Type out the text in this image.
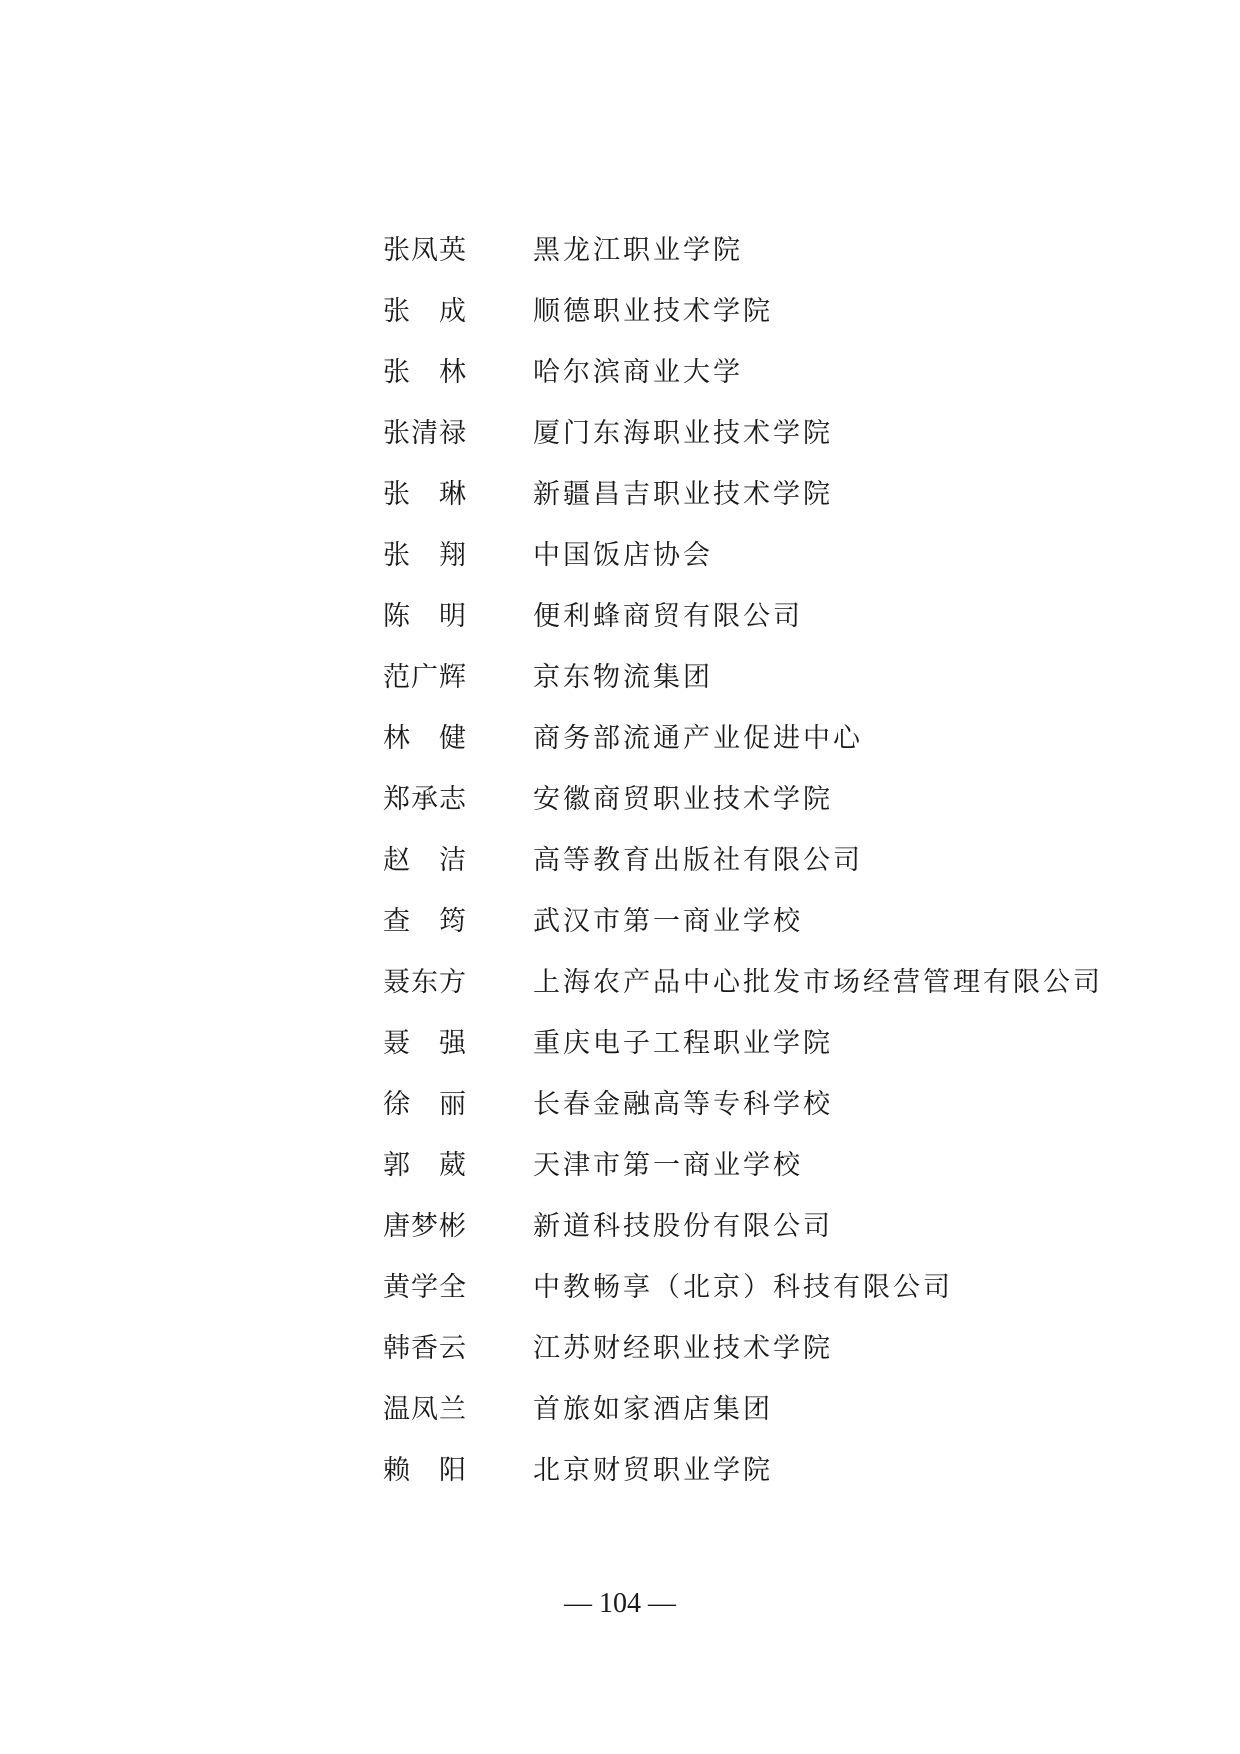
张凤英	黑龙江职业学院
张　成	顺德职业技术学院
张　林	哈尔滨商业大学
张清禄	厦门东海职业技术学院
张　琳	新疆昌吉职业技术学院
张　翔	中国饭店协会
陈　明	便利蜂商贸有限公司
范广辉	京东物流集团
林　健	商务部流通产业促进中心
郑承志	安徽商贸职业技术学院
赵　洁	高等教育出版社有限公司
查　筠	武汉市第一商业学校
聂东方	上海农产品中心批发市场经营管理有限公司
聂　强	重庆电子工程职业学院
徐　丽	长春金融高等专科学校
郭　葳	天津市第一商业学校
唐梦彬	新道科技股份有限公司
黄学全	中教畅享（北京）科技有限公司
韩香云	江苏财经职业技术学院
温凤兰	首旅如家酒店集团
赖　阳	北京财贸职业学院
— 104 —
